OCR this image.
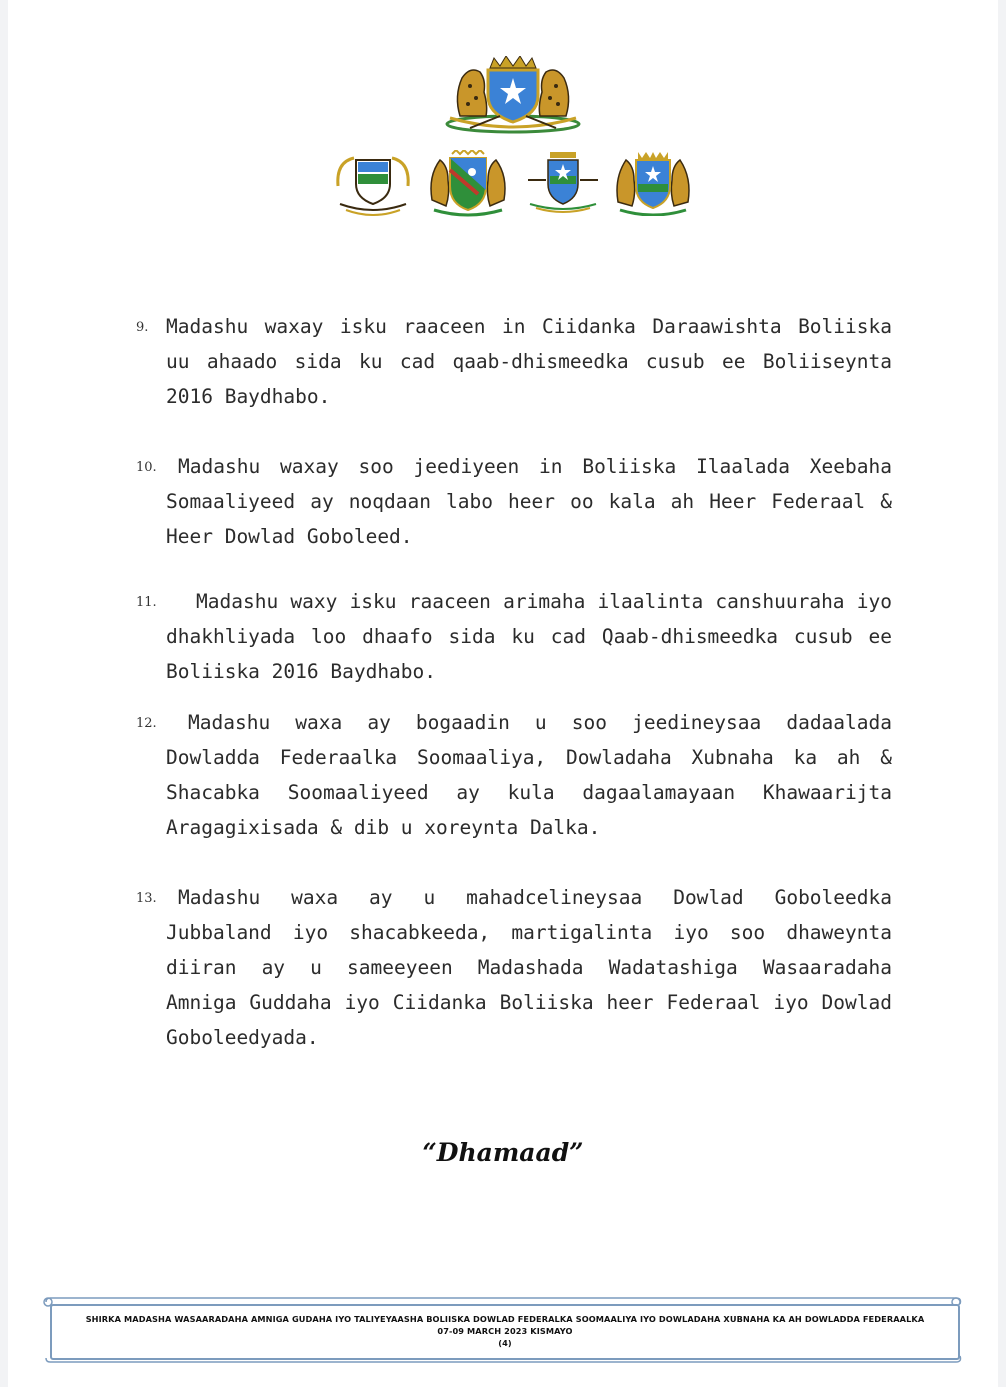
9. Madashu waxay isku raaceen in Ciidanka Daraawishta Boliiska uu ahaado sida ku cad qaab-dhismeedka cusub ee Boliiseynta 2016 Baydhabo.
10.	Madashu waxay soo jeediyeen in Boliiska Ilaalada Xeebaha Somaaliyeed ay noqdaan labo heer oo kala ah Heer Federaal & Heer Dowlad Goboleed.
11.	Madashu waxy isku raaceen arimaha ilaalinta canshuuraha iyo dhakhliyada loo dhaafo sida ku cad Qaab-dhismeedka cusub ee Boliiska 2016 Baydhabo.
12.	Madashu waxa ay bogaadin u soo jeedineysaa dadaalada Dowladda Federaalka Soomaaliya, Dowladaha Xubnaha ka ah & Shacabka Soomaaliyeed ay kula dagaalamayaan Khawaarijta Aragagixisada & dib u xoreynta Dalka.
13.	Madashu waxa ay u mahadcelineysaa Dowlad Goboleedka Jubbaland iyo shacabkeeda, martigalinta iyo soo dhaweynta diiran ay u sameeyeen Madashada Wadatashiga Wasaaradaha Amniga Guddaha iyo Ciidanka Boliiska heer Federaal iyo Dowlad Goboleedyada.
“Dhamaad”
SHIRKA MADASHA WASAARADAHA AMNIGA GUDAHA IYO TALIYEYAASHA BOLIISKA DOWLAD FEDERALKA SOOMAALIYA IYO DOWLADAHA XUBNAHA KA AH DOWLADDA FEDERAALKA
07-09 MARCH 2023 KISMAYO
(4)
